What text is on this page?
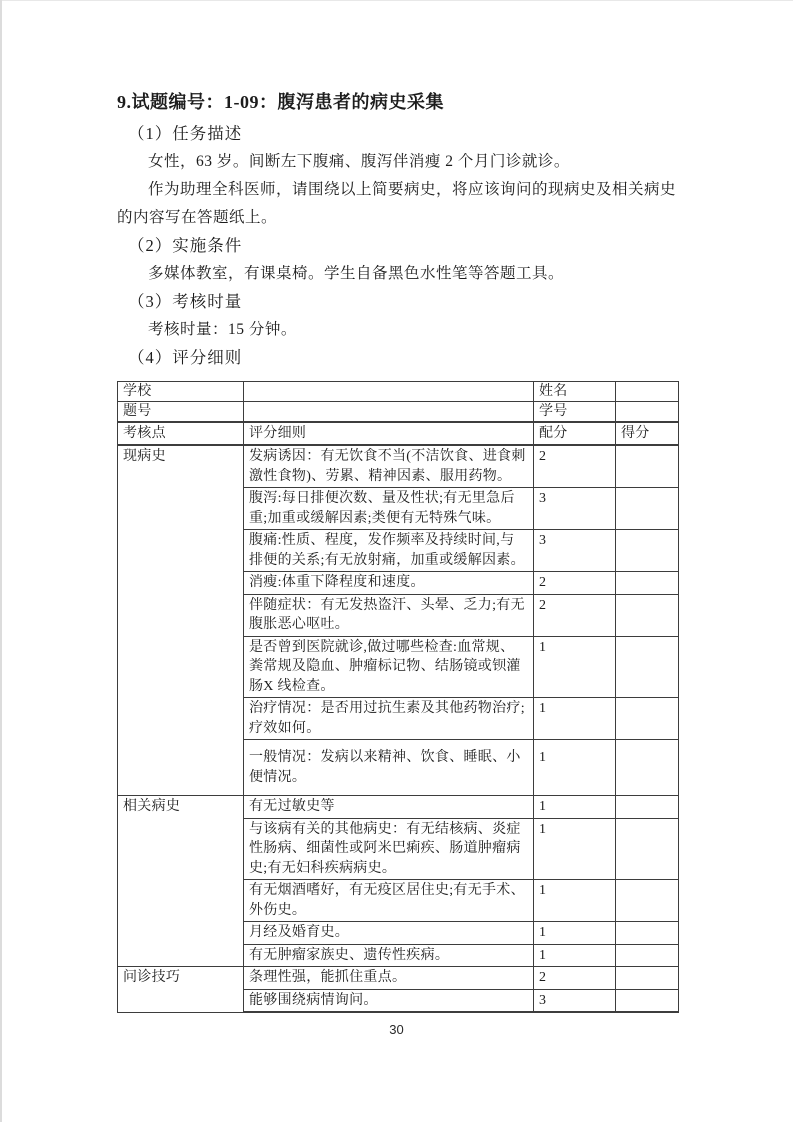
9.试题编号：1-09：腹泻患者的病史采集
（1）任务描述

女性，63 岁。间断左下腹痛、腹泻伴消瘦 2 个月门诊就诊。

作为助理全科医师，请围绕以上简要病史，将应该询问的现病史及相关病史的内容写在答题纸上。

（2）实施条件

多媒体教室，有课桌椅。学生自备黑色水性笔等答题工具。

（3）考核时量

考核时量：15 分钟。

（4）评分细则
学校		姓名	
题号		学号	
考核点	评分细则	配分	得分
现病史	发病诱因：有无饮食不当(不洁饮食、进食刺激性食物)、劳累、精神因素、服用药物。	2	
	腹泻:每日排便次数、量及性状;有无里急后重;加重或缓解因素;类便有无特殊气味。	3	
	腹痛:性质、程度，发作频率及持续时间,与排便的关系;有无放射痛，加重或缓解因素。	3	
	消瘦:体重下降程度和速度。	2	
	伴随症状：有无发热盗汗、头晕、乏力;有无腹胀恶心呕吐。	2	
	是否曾到医院就诊,做过哪些检查:血常规、粪常规及隐血、肿瘤标记物、结肠镜或钡灌肠X 线检查。	1	
	治疗情况：是否用过抗生素及其他药物治疗;疗效如何。	1	
	一般情况：发病以来精神、饮食、睡眠、小便情况。	1	
相关病史	有无过敏史等	1	
	与该病有关的其他病史：有无结核病、炎症性肠病、细菌性或阿米巴痢疾、肠道肿瘤病史;有无妇科疾病病史。	1	
	有无烟酒嗜好，有无疫区居住史;有无手术、外伤史。	1	
	月经及婚育史。	1	
	有无肿瘤家族史、遗传性疾病。	1	
问诊技巧	条理性强，能抓住重点。	2	
	能够围绕病情询问。	3	
30
